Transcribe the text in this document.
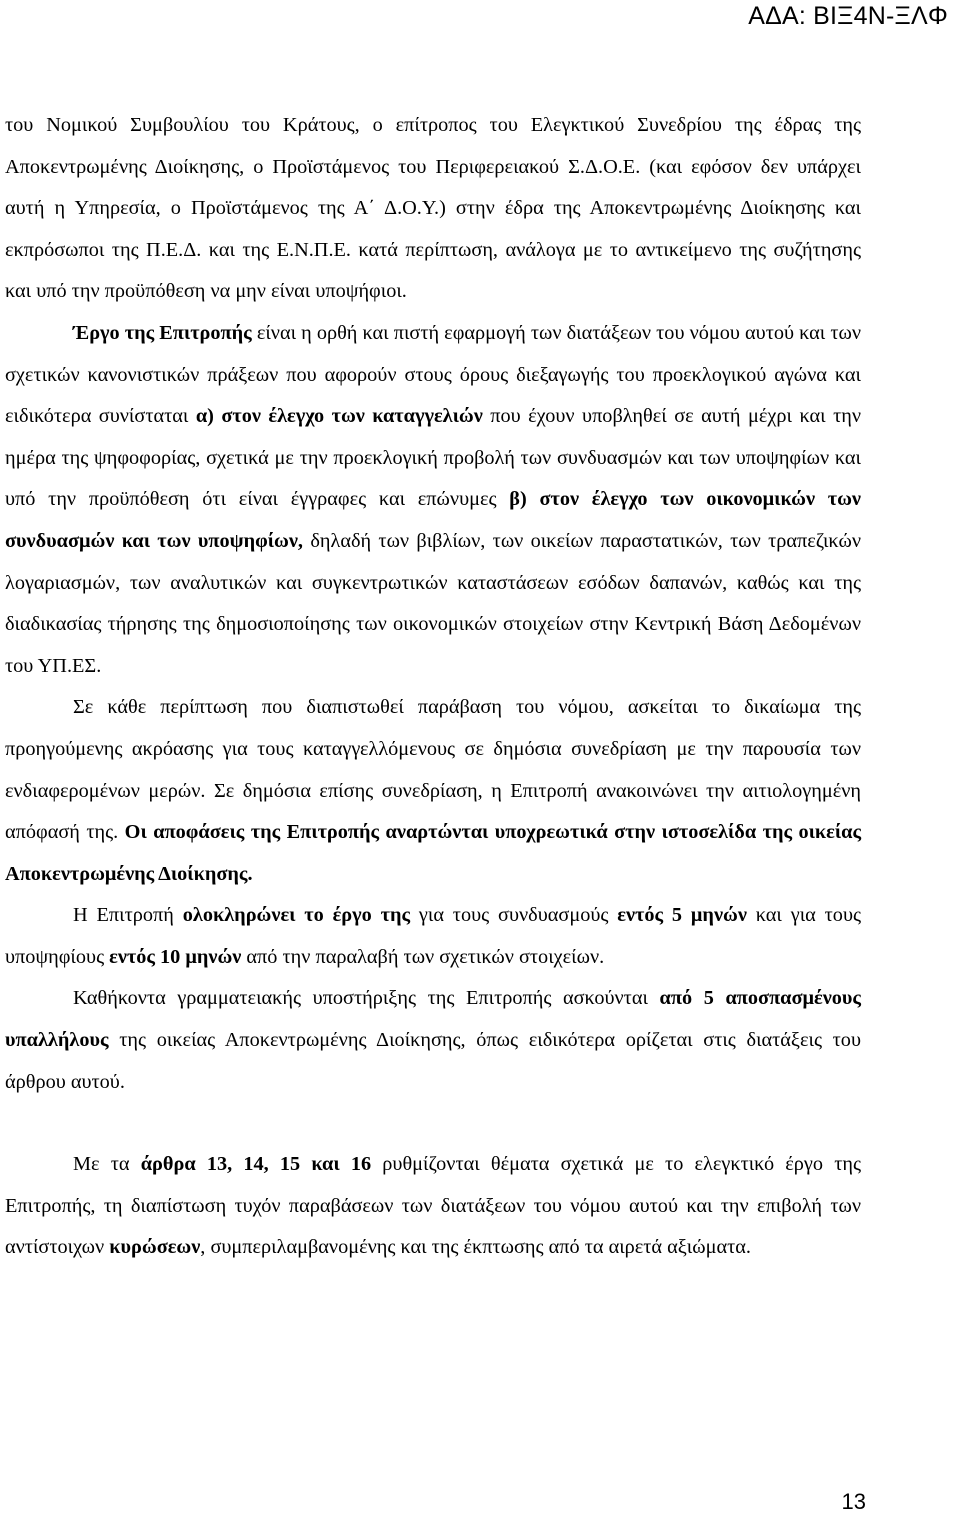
ΑΔΑ: ΒΙΞ4Ν-ΞΛΦ

του Νομικού Συμβουλίου του Κράτους, ο επίτροπος του Ελεγκτικού Συνεδρίου της έδρας της Αποκεντρωμένης Διοίκησης, ο Προϊστάμενος του Περιφερειακού Σ.Δ.Ο.Ε. (και εφόσον δεν υπάρχει αυτή η Υπηρεσία, ο Προϊστάμενος της Α΄ Δ.Ο.Υ.) στην έδρα της Αποκεντρωμένης Διοίκησης και εκπρόσωποι της Π.Ε.Δ. και της Ε.Ν.Π.Ε. κατά περίπτωση, ανάλογα με το αντικείμενο της συζήτησης και υπό την προϋπόθεση να μην είναι υποψήφιοι.

Έργο της Επιτροπής είναι η ορθή και πιστή εφαρμογή των διατάξεων του νόμου αυτού και των σχετικών κανονιστικών πράξεων που αφορούν στους όρους διεξαγωγής του προεκλογικού αγώνα και ειδικότερα συνίσταται α) στον έλεγχο των καταγγελιών που έχουν υποβληθεί σε αυτή μέχρι και την ημέρα της ψηφοφορίας, σχετικά με την προεκλογική προβολή των συνδυασμών και των υποψηφίων και υπό την προϋπόθεση ότι είναι έγγραφες και επώνυμες β) στον έλεγχο των οικονομικών των συνδυασμών και των υποψηφίων, δηλαδή των βιβλίων, των οικείων παραστατικών, των τραπεζικών λογαριασμών, των αναλυτικών και συγκεντρωτικών καταστάσεων εσόδων δαπανών, καθώς και της διαδικασίας τήρησης της δημοσιοποίησης των οικονομικών στοιχείων στην Κεντρική Βάση Δεδομένων του ΥΠ.ΕΣ.

Σε κάθε περίπτωση που διαπιστωθεί παράβαση του νόμου, ασκείται το δικαίωμα της προηγούμενης ακρόασης για τους καταγγελλόμενους σε δημόσια συνεδρίαση με την παρουσία των ενδιαφερομένων μερών. Σε δημόσια επίσης συνεδρίαση, η Επιτροπή ανακοινώνει την αιτιολογημένη απόφασή της. Οι αποφάσεις της Επιτροπής αναρτώνται υποχρεωτικά στην ιστοσελίδα της οικείας Αποκεντρωμένης Διοίκησης.

Η Επιτροπή ολοκληρώνει το έργο της για τους συνδυασμούς εντός 5 μηνών και για τους υποψηφίους εντός 10 μηνών από την παραλαβή των σχετικών στοιχείων.

Καθήκοντα γραμματειακής υποστήριξης της Επιτροπής ασκούνται από 5 αποσπασμένους υπαλλήλους της οικείας Αποκεντρωμένης Διοίκησης, όπως ειδικότερα ορίζεται στις διατάξεις του άρθρου αυτού.

Με τα άρθρα 13, 14, 15 και 16 ρυθμίζονται θέματα σχετικά με το ελεγκτικό έργο της Επιτροπής, τη διαπίστωση τυχόν παραβάσεων των διατάξεων του νόμου αυτού και την επιβολή των αντίστοιχων κυρώσεων, συμπεριλαμβανομένης και της έκπτωσης από τα αιρετά αξιώματα.

13
